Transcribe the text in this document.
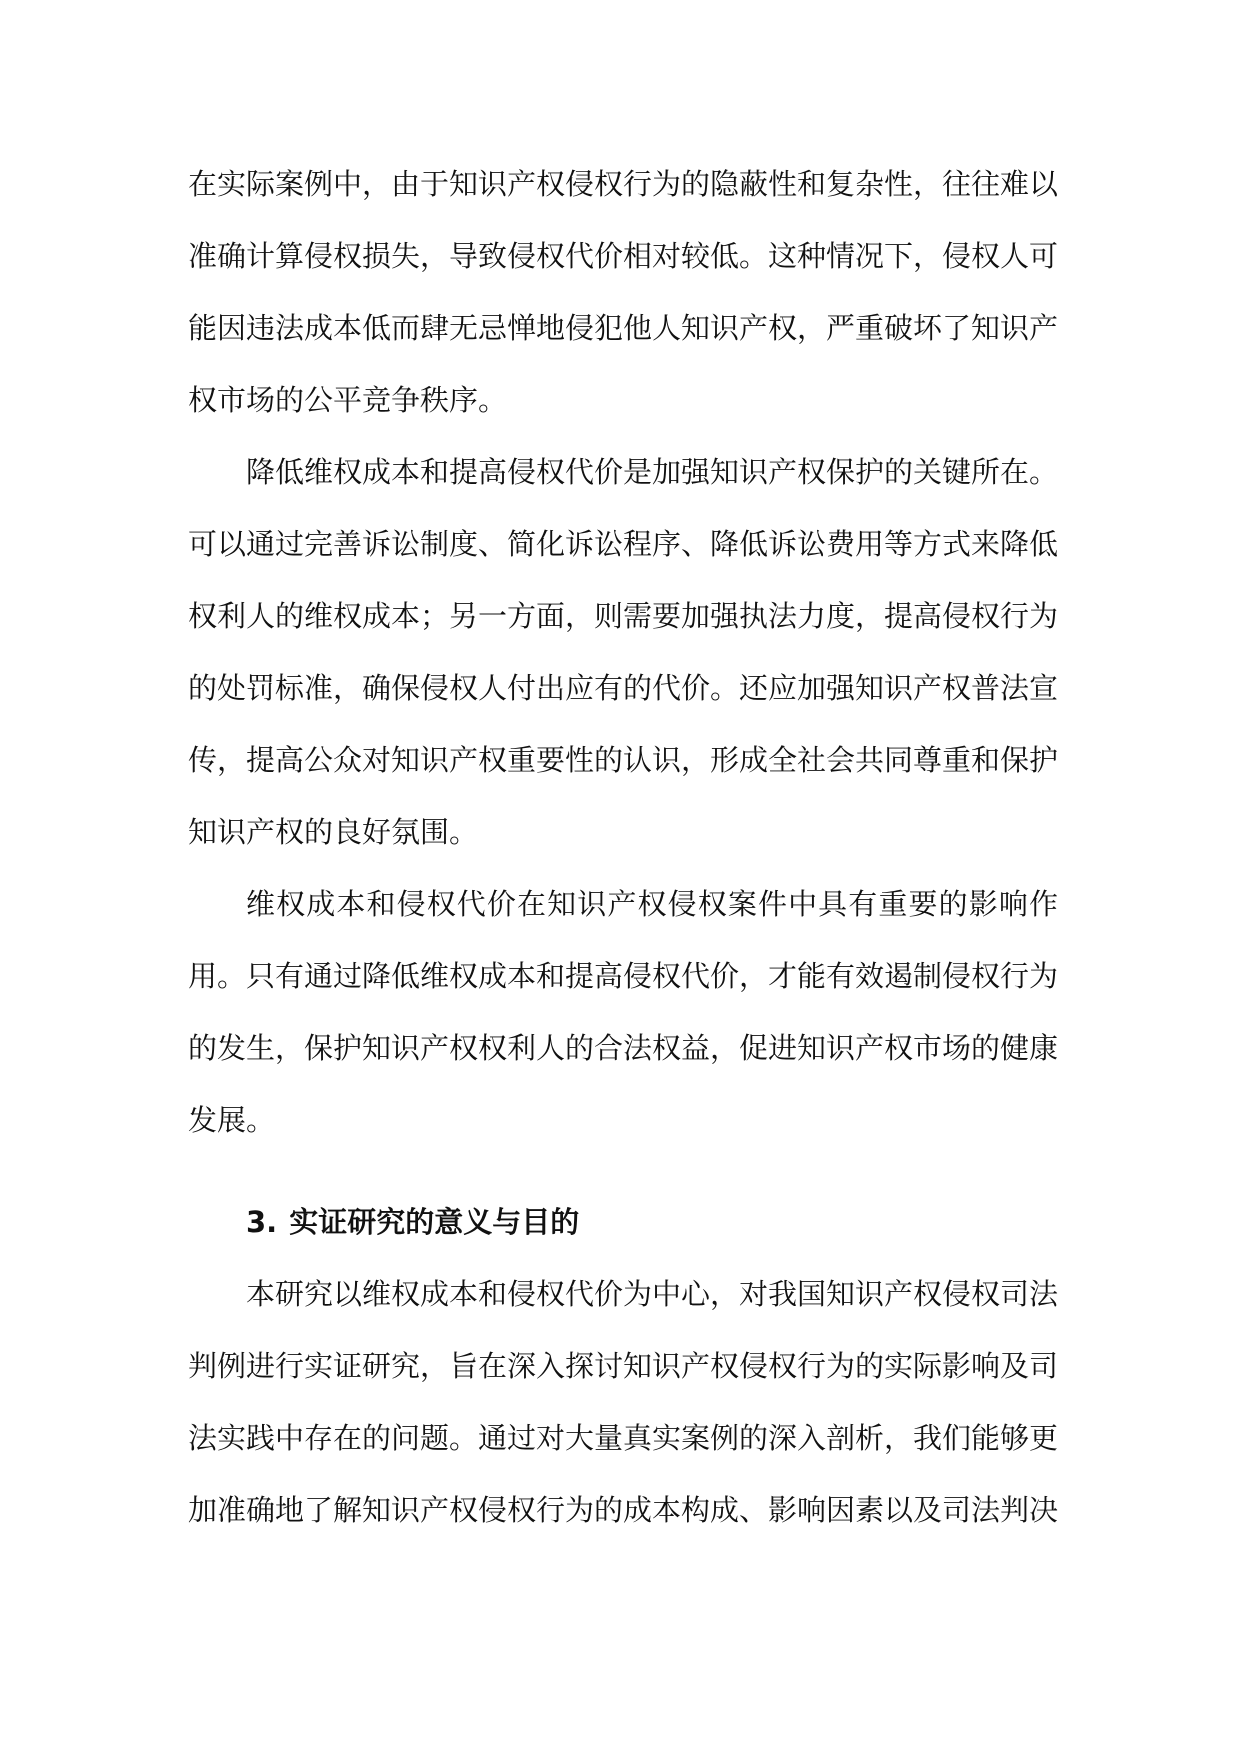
在实际案例中，由于知识产权侵权行为的隐蔽性和复杂性，往往难以准确计算侵权损失，导致侵权代价相对较低。这种情况下，侵权人可能因违法成本低而肆无忌惮地侵犯他人知识产权，严重破坏了知识产权市场的公平竞争秩序。

降低维权成本和提高侵权代价是加强知识产权保护的关键所在。可以通过完善诉讼制度、简化诉讼程序、降低诉讼费用等方式来降低权利人的维权成本；另一方面，则需要加强执法力度，提高侵权行为的处罚标准，确保侵权人付出应有的代价。还应加强知识产权普法宣传，提高公众对知识产权重要性的认识，形成全社会共同尊重和保护知识产权的良好氛围。

维权成本和侵权代价在知识产权侵权案件中具有重要的影响作用。只有通过降低维权成本和提高侵权代价，才能有效遏制侵权行为的发生，保护知识产权权利人的合法权益，促进知识产权市场的健康发展。

3. 实证研究的意义与目的

本研究以维权成本和侵权代价为中心，对我国知识产权侵权司法判例进行实证研究，旨在深入探讨知识产权侵权行为的实际影响及司法实践中存在的问题。通过对大量真实案例的深入剖析，我们能够更加准确地了解知识产权侵权行为的成本构成、影响因素以及司法判决
